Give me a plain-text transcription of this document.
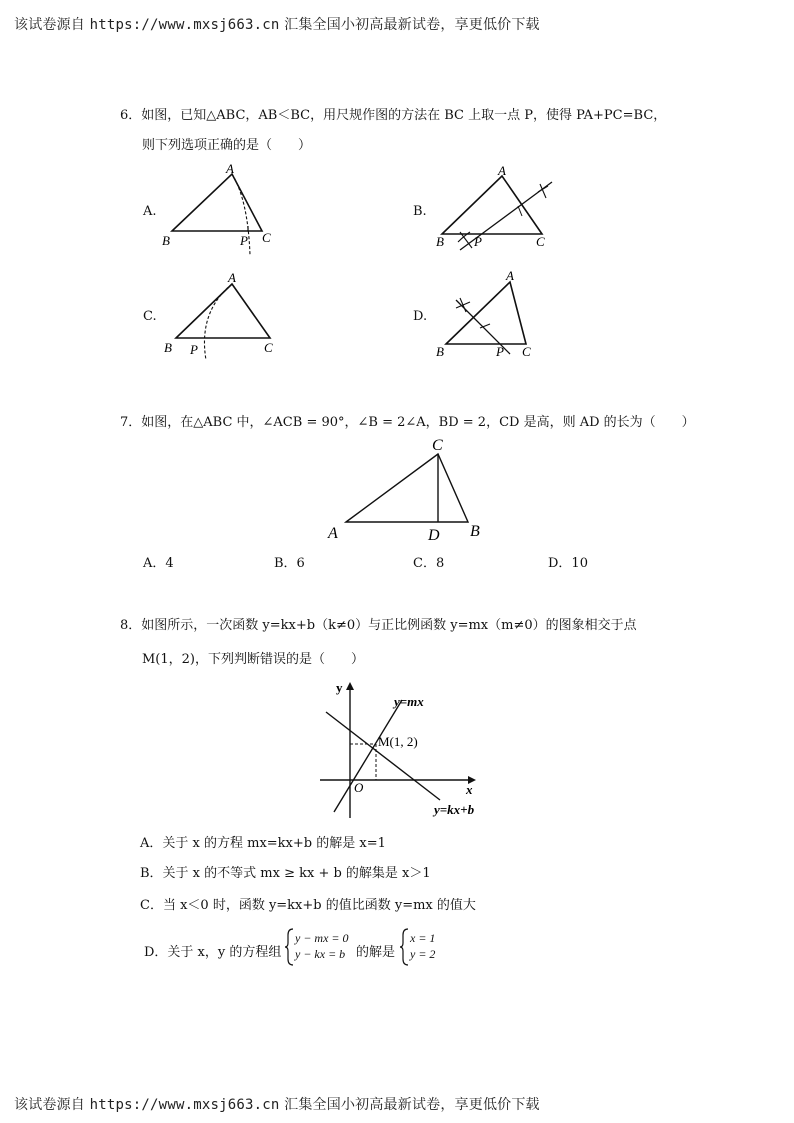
该试卷源自 https://www.mxsj663.cn 汇集全国小初高最新试卷，享更低价下载
6．如图，已知△ABC，AB＜BC，用尺规作图的方法在 BC 上取一点 P，使得 PA+PC=BC，
则下列选项正确的是（　　）
A.	B.
C.	D.
A
B	P C
A
B P	C
A
B P	C
A
B	P C
7．如图，在△ABC 中，∠ACB = 90°，∠B = 2∠A，BD = 2，CD 是高，则 AD 的长为（　　）
C
A	D B
A．4	B．6	C．8	D．10
8．如图所示，一次函数 y=kx+b（k≠0）与正比例函数 y=mx（m≠0）的图象相交于点
M(1，2)，下列判断错误的是（　　）
y
x
O
y=mx
M(1, 2)
y=kx+b
A．关于 x 的方程 mx=kx+b 的解是 x=1
B．关于 x 的不等式 mx ≥ kx + b 的解集是 x＞1
C．当 x＜0 时，函数 y=kx+b 的值比函数 y=mx 的值大
D．关于 x，y 的方程组
y − mx = 0
y − kx = b 的解是
x = 1
y = 2
该试卷源自 https://www.mxsj663.cn 汇集全国小初高最新试卷，享更低价下载
